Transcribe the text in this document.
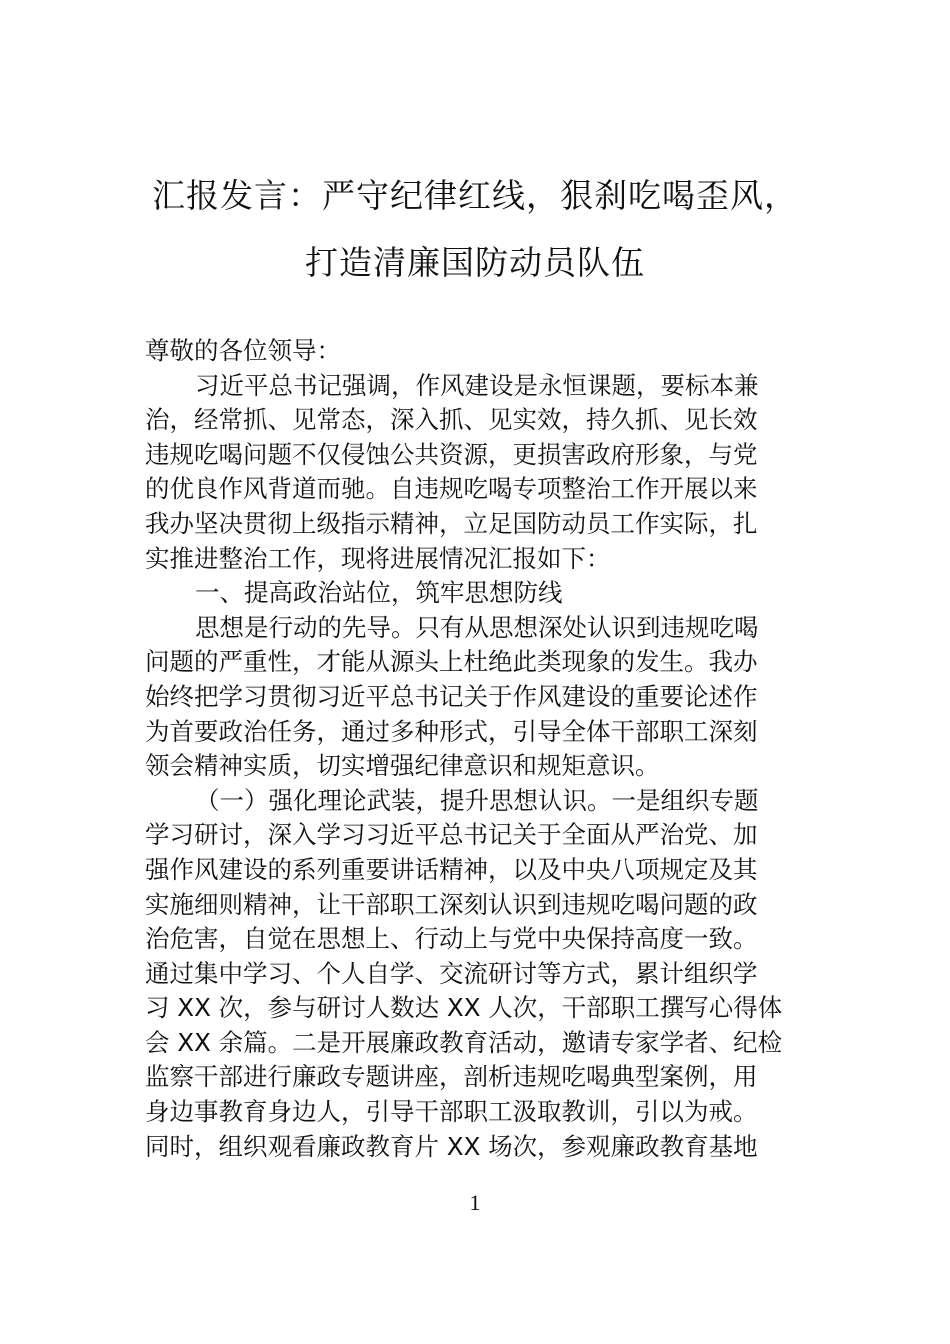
汇报发言：严守纪律红线，狠刹吃喝歪风，
打造清廉国防动员队伍
尊敬的各位领导：
习近平总书记强调，作风建设是永恒课题，要标本兼
治，经常抓、见常态，深入抓、见实效，持久抓、见长效
违规吃喝问题不仅侵蚀公共资源，更损害政府形象，与党
的优良作风背道而驰。自违规吃喝专项整治工作开展以来
我办坚决贯彻上级指示精神，立足国防动员工作实际，扎
实推进整治工作，现将进展情况汇报如下：
一、提高政治站位，筑牢思想防线
思想是行动的先导。只有从思想深处认识到违规吃喝
问题的严重性，才能从源头上杜绝此类现象的发生。我办
始终把学习贯彻习近平总书记关于作风建设的重要论述作
为首要政治任务，通过多种形式，引导全体干部职工深刻
领会精神实质，切实增强纪律意识和规矩意识。
（一）强化理论武装，提升思想认识。一是组织专题
学习研讨，深入学习习近平总书记关于全面从严治党、加
强作风建设的系列重要讲话精神，以及中央八项规定及其
实施细则精神，让干部职工深刻认识到违规吃喝问题的政
治危害，自觉在思想上、行动上与党中央保持高度一致。
通过集中学习、个人自学、交流研讨等方式，累计组织学
习 XX 次，参与研讨人数达 XX 人次，干部职工撰写心得体
会 XX 余篇。二是开展廉政教育活动，邀请专家学者、纪检
监察干部进行廉政专题讲座，剖析违规吃喝典型案例，用
身边事教育身边人，引导干部职工汲取教训，引以为戒。
同时，组织观看廉政教育片 XX 场次，参观廉政教育基地
1
